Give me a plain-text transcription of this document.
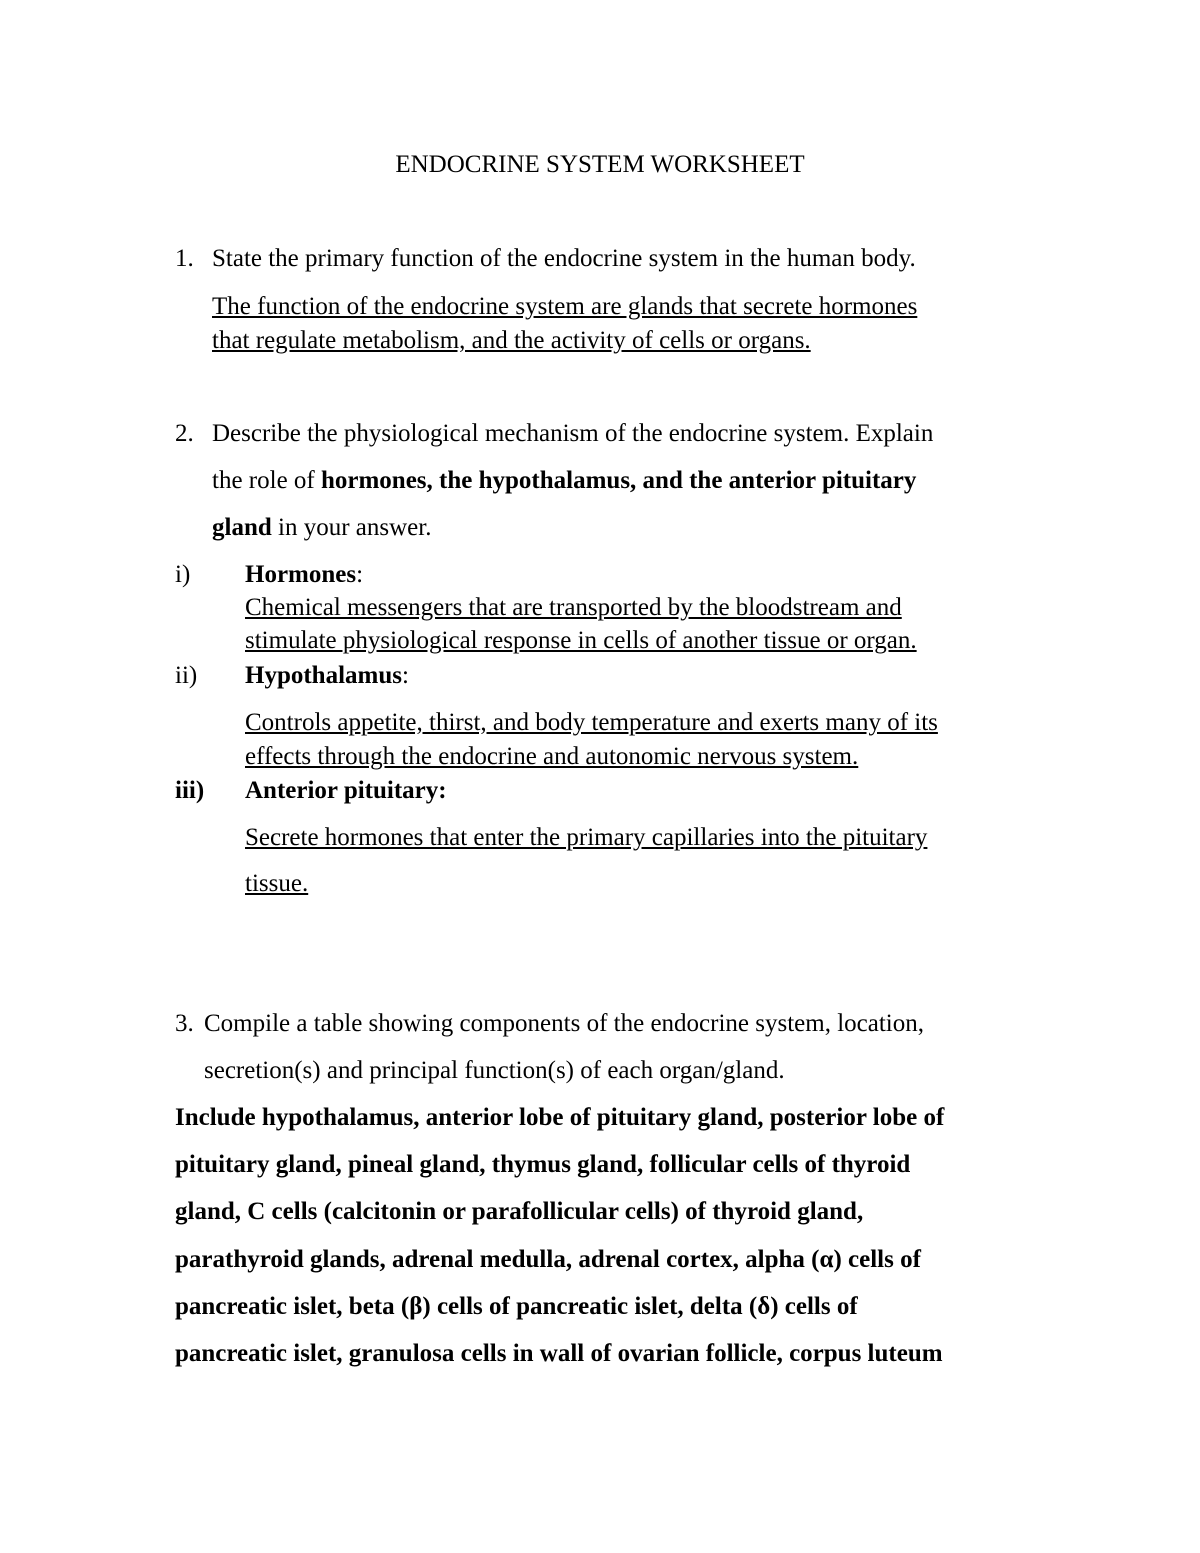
ENDOCRINE SYSTEM WORKSHEET
1. State the primary function of the endocrine system in the human body.
The function of the endocrine system are glands that secrete hormones
that regulate metabolism, and the activity of cells or organs.
2. Describe the physiological mechanism of the endocrine system. Explain
the role of hormones, the hypothalamus, and the anterior pituitary
gland in your answer.
i) Hormones:
Chemical messengers that are transported by the bloodstream and
stimulate physiological response in cells of another tissue or organ.
ii) Hypothalamus:
Controls appetite, thirst, and body temperature and exerts many of its
effects through the endocrine and autonomic nervous system.
iii) Anterior pituitary:
Secrete hormones that enter the primary capillaries into the pituitary
tissue.
3. Compile a table showing components of the endocrine system, location,
secretion(s) and principal function(s) of each organ/gland.
Include hypothalamus, anterior lobe of pituitary gland, posterior lobe of
pituitary gland, pineal gland, thymus gland, follicular cells of thyroid
gland, C cells (calcitonin or parafollicular cells) of thyroid gland,
parathyroid glands, adrenal medulla, adrenal cortex, alpha (α) cells of
pancreatic islet, beta (β) cells of pancreatic islet, delta (δ) cells of
pancreatic islet, granulosa cells in wall of ovarian follicle, corpus luteum
